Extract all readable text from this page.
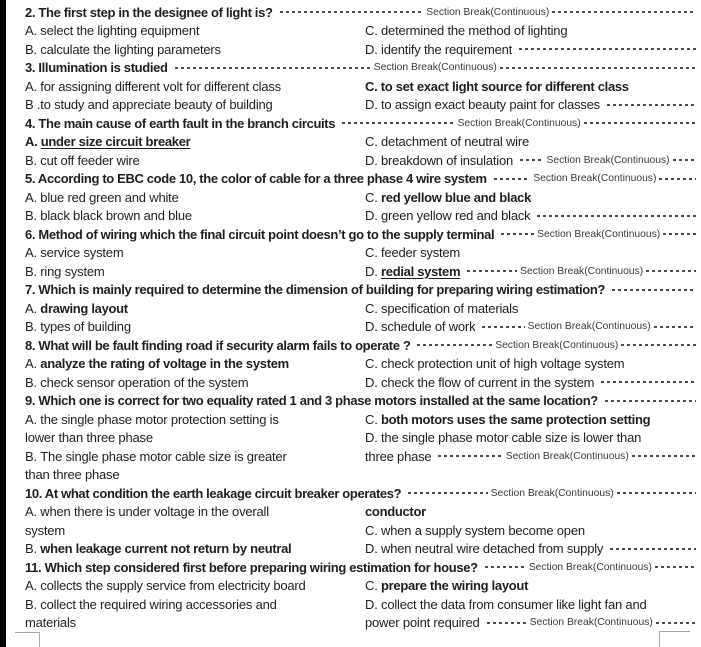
2. The first step in the designee of light is?	Section Break(Continuous)
A. select the lighting equipment
B. calculate the lighting parameters
C. determined the method of lighting
D. identify the requirement
3. Illumination is studied	Section Break(Continuous)
A. for assigning different volt for different class
B . to study and appreciate beauty of building
C. to set exact light source for different class
D. to assign exact beauty paint for classes
4. The main cause of earth fault in the branch circuits	Section Break(Continuous)
A. under size circuit breaker
B. cut off feeder wire
C. detachment of neutral wire
D. breakdown of insulation	Section Break(Continuous)
5. According to EBC code 10, the color of cable for a three phase 4 wire system	Section Break(Continuous)
A. blue red green and white
B. black black brown and blue
C. red yellow blue and black
D. green yellow red and black
6. Method of wiring which the final circuit point doesn’t go to the supply terminal	Section Break(Continuous)
A. service system
B. ring system
C. feeder system
D. redial system	Section Break(Continuous)
7. Which is mainly required to determine the dimension of building for preparing wiring estimation?
A. drawing layout
B. types of building
C. specification of materials
D. schedule of work	Section Break(Continuous)
8. What will be fault finding road if security alarm fails to operate ?	Section Break(Continuous)
A. analyze the rating of voltage in the system
B. check sensor operation of the system
C. check protection unit of high voltage system
D. check the flow of current in the system
9. Which one is correct for two equality rated 1 and 3 phase motors installed at the same location?
A. the single phase motor protection setting is
lower than three phase
B. The single phase motor cable size is greater
than three phase
C. both motors uses the same protection setting
D. the single phase motor cable size is lower than
three phase	Section Break(Continuous)
10. At what condition the earth leakage circuit breaker operates?	Section Break(Continuous)
A. when there is under voltage in the overall
system
B. when leakage current not return by neutral
conductor
C. when a supply system become open
D. when neutral wire detached from supply
11. Which step considered first before preparing wiring estimation for house?	Section Break(Continuous)
A. collects the supply service from electricity board
B. collect the required wiring accessories and
materials
C. prepare the wiring layout
D. collect the data from consumer like light fan and
power point required	Section Break(Continuous)
